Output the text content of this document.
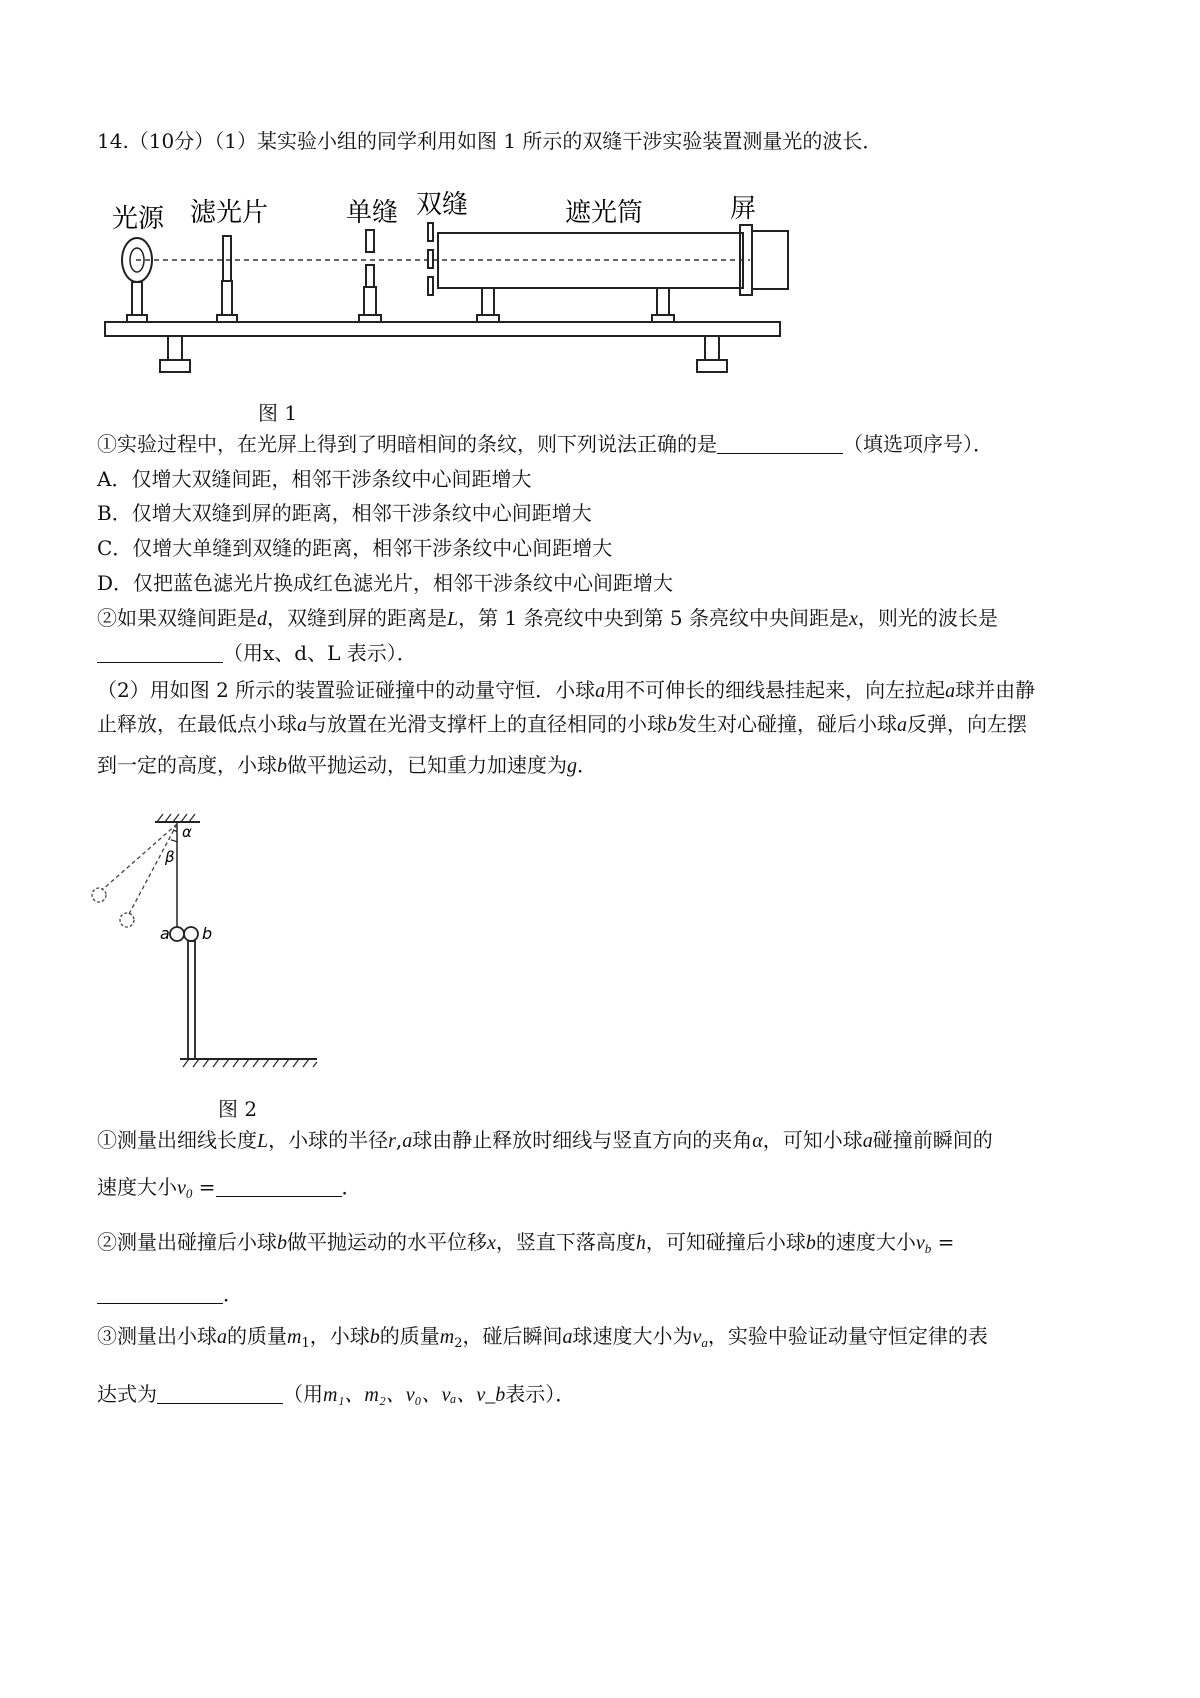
14.（10分）（1）某实验小组的同学利用如图 1 所示的双缝干涉实验装置测量光的波长．
光源 滤光片	单缝 双缝	遮光筒	屏
图 1
①实验过程中，在光屏上得到了明暗相间的条纹，则下列说法正确的是	（填选项序号）．
A．仅增大双缝间距，相邻干涉条纹中心间距增大
B．仅增大双缝到屏的距离，相邻干涉条纹中心间距增大
C．仅增大单缝到双缝的距离，相邻干涉条纹中心间距增大
D．仅把蓝色滤光片换成红色滤光片，相邻干涉条纹中心间距增大
②如果双缝间距是d，双缝到屏的距离是L，第 1 条亮纹中央到第 5 条亮纹中央间距是x，则光的波长是
（用x、d、L 表示）．
（2）用如图 2 所示的装置验证碰撞中的动量守恒．小球a用不可伸长的细线悬挂起来，向左拉起a球并由静
止释放，在最低点小球a与放置在光滑支撑杆上的直径相同的小球b发生对心碰撞，碰后小球a反弹，向左摆
到一定的高度，小球b做平抛运动，已知重力加速度为g．
α
β
a b
图 2
①测量出细线长度L，小球的半径r,a球由静止释放时细线与竖直方向的夹角α，可知小球a碰撞前瞬间的
速度大小$v_0$ =	．
②测量出碰撞后小球b做平抛运动的水平位移x，竖直下落高度h，可知碰撞后小球b的速度大小$v_b$ =
．
③测量出小球a的质量$m_1$，小球b的质量$m_2$，碰后瞬间a球速度大小为$v_a$，实验中验证动量守恒定律的表
达式为	（用m₁、m₂、v₀、vₐ、v_b表示）．
